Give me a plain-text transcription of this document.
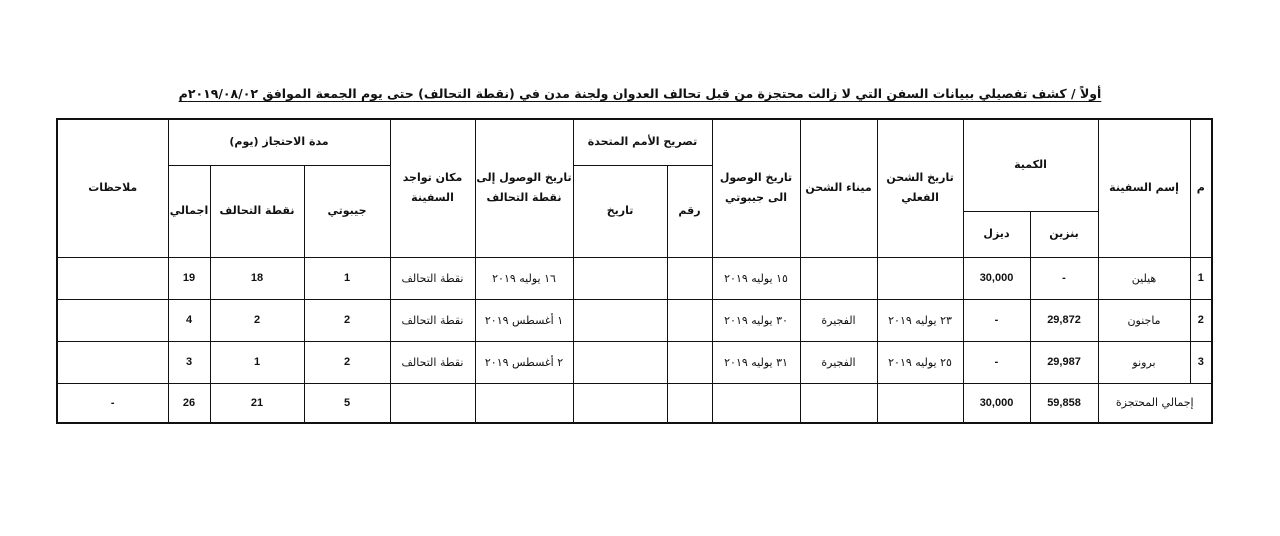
أولاً / كشف تفصيلي ببيانات السفن التي لا زالت محتجزة من قبل تحالف العدوان ولجنة مدن في (نقطة التحالف) حتى يوم الجمعة الموافق ٢٠١٩/٠٨/٠٢م
م	إسم السفينة	الكمية		تاريخ الشحن الفعلي	ميناء الشحن	تاريخ الوصول الى جيبوتي	تصريح الأمم المتحدة		تاريخ الوصول إلى نقطة التحالف	مكان تواجد السفينة	مدة الاحتجاز (يوم)			ملاحظات
							رقم	تاريخ			جيبوتي	نقطة التحالف	اجمالي	
		بنزين	ديزل											
1	هيلين	-	30,000			١٥ يوليه ٢٠١٩			١٦ يوليه ٢٠١٩	نقطة التحالف	1	18	19	
2	ماجنون	29,872	-	٢٣ يوليه ٢٠١٩	الفجيرة	٣٠ يوليه ٢٠١٩			١ أغسطس ٢٠١٩	نقطة التحالف	2	2	4	
3	برونو	29,987	-	٢٥ يوليه ٢٠١٩	الفجيرة	٣١ يوليه ٢٠١٩			٢ أغسطس ٢٠١٩	نقطة التحالف	2	1	3	
إجمالي المحتجزة		59,858	30,000								5	21	26	-
